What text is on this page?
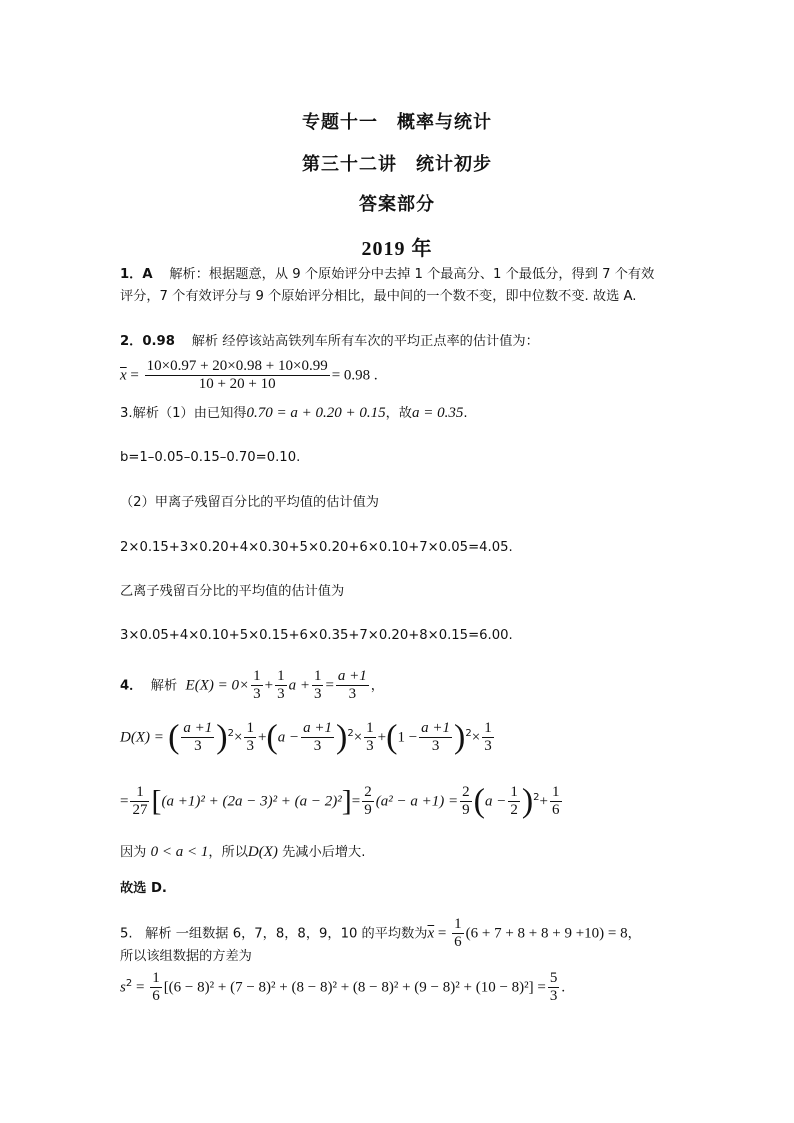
专题十一　概率与统计
第三十二讲　统计初步
答案部分
2019 年
1．A 解析：根据题意，从 9 个原始评分中去掉 1 个最高分、1 个最低分，得到 7 个有效
评分，7 个有效评分与 9 个原始评分相比，最中间的一个数不变，即中位数不变. 故选 A.
2．0.98 解析 经停该站高铁列车所有车次的平均正点率的估计值为：
$\overline{x} = \frac{10\times 0.97 + 20\times 0.98 + 10\times 0.99}{10 + 20 + 10} = 0.98$ .
3.解析（1）由已知得0.70 = a + 0.20 + 0.15，故a = 0.35.
b=1–0.05–0.15–0.70=0.10.
（2）甲离子残留百分比的平均值的估计值为
2×0.15+3×0.20+4×0.30+5×0.20+6×0.10+7×0.05=4.05.
乙离子残留百分比的平均值的估计值为
3×0.05+4×0.10+5×0.15+6×0.35+7×0.20+8×0.15=6.00.
4． 解析 $E(X) = 0\times \frac{1}{3} + \frac{1}{3}$ $a + \frac{1}{3} = \frac{a +1}{3}$ ，
D(X) = ( $\frac{a +1}{3} )^2\times \frac{1}{3} +(a - \frac{a +1}{3} )^2\times \frac{1}{3} +(1 - \frac{a +1}{3} )^2\times \frac{1}{3}$
= $\frac{1}{27} [(a +1)^2 + (2a - 3)^2 + (a - 2)^2]= \frac{2}{9} (a^2 - a +1) = \frac{2}{9} (a - \frac{1}{2} )^2+ \frac{1}{6}$
因为 0 < a < 1，所以D(X) 先减小后增大.
故选 D.
5. 解析 一组数据 6，7，8，8，9，10 的平均数为$\overline{x} = \frac{1}{6} (6 + 7 + 8 + 8 + 9 +10) = 8$，
所以该组数据的方差为
$s^2 = \frac{1}{6} [(6 - 8)^2 + (7 - 8)^2 + (8 - 8)^2 + (8 - 8)^2 + (9 - 8)^2 + (10 - 8)^2] = \frac{5}{3}$ .
